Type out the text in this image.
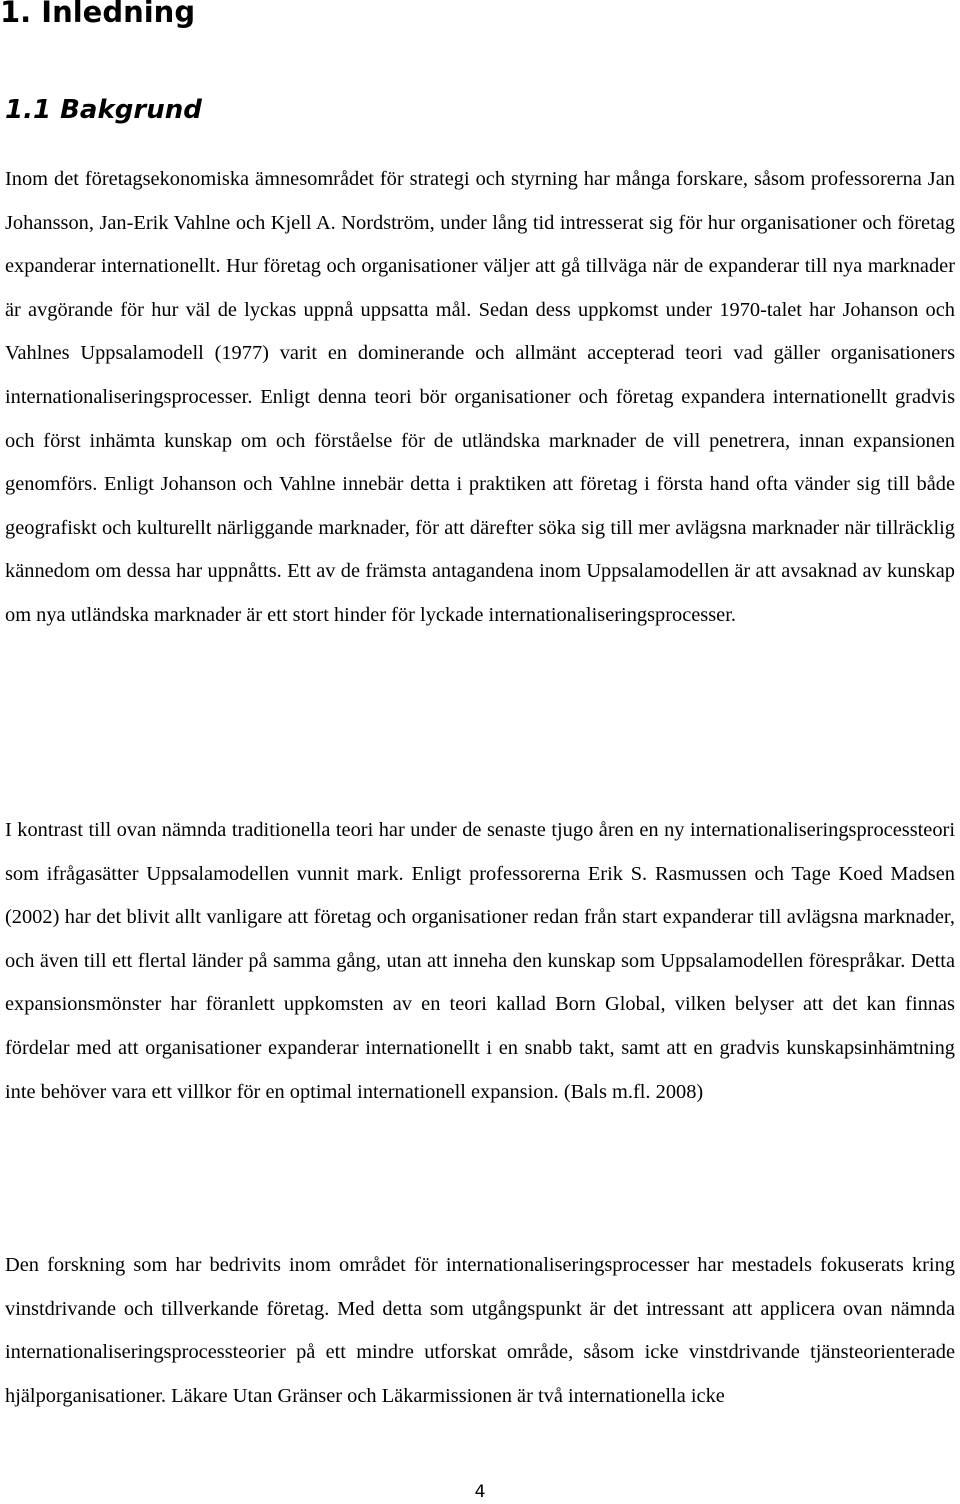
1. Inledning
1.1 Bakgrund

Inom det företagsekonomiska ämnesområdet för strategi och styrning har många forskare, såsom professorerna Jan Johansson, Jan-Erik Vahlne och Kjell A. Nordström, under lång tid intresserat sig för hur organisationer och företag expanderar internationellt. Hur företag och organisationer väljer att gå tillväga när de expanderar till nya marknader är avgörande för hur väl de lyckas uppnå uppsatta mål. Sedan dess uppkomst under 1970-talet har Johanson och Vahlnes Uppsalamodell (1977) varit en dominerande och allmänt accepterad teori vad gäller organisationers internationaliseringsprocesser. Enligt denna teori bör organisationer och företag expandera internationellt gradvis och först inhämta kunskap om och förståelse för de utländska marknader de vill penetrera, innan expansionen genomförs. Enligt Johanson och Vahlne innebär detta i praktiken att företag i första hand ofta vänder sig till både geografiskt och kulturellt närliggande marknader, för att därefter söka sig till mer avlägsna marknader när tillräcklig kännedom om dessa har uppnåtts. Ett av de främsta antagandena inom Uppsalamodellen är att avsaknad av kunskap om nya utländska marknader är ett stort hinder för lyckade internationaliseringsprocesser.

I kontrast till ovan nämnda traditionella teori har under de senaste tjugo åren en ny internationaliseringsprocessteori som ifrågasätter Uppsalamodellen vunnit mark. Enligt professorerna Erik S. Rasmussen och Tage Koed Madsen (2002) har det blivit allt vanligare att företag och organisationer redan från start expanderar till avlägsna marknader, och även till ett flertal länder på samma gång, utan att inneha den kunskap som Uppsalamodellen förespråkar. Detta expansionsmönster har föranlett uppkomsten av en teori kallad Born Global, vilken belyser att det kan finnas fördelar med att organisationer expanderar internationellt i en snabb takt, samt att en gradvis kunskapsinhämtning inte behöver vara ett villkor för en optimal internationell expansion. (Bals m.fl. 2008)

Den forskning som har bedrivits inom området för internationaliseringsprocesser har mestadels fokuserats kring vinstdrivande och tillverkande företag. Med detta som utgångspunkt är det intressant att applicera ovan nämnda internationaliseringsprocessteorier på ett mindre utforskat område, såsom icke vinstdrivande tjänsteorienterade hjälporganisationer. Läkare Utan Gränser och Läkarmissionen är två internationella icke

4
